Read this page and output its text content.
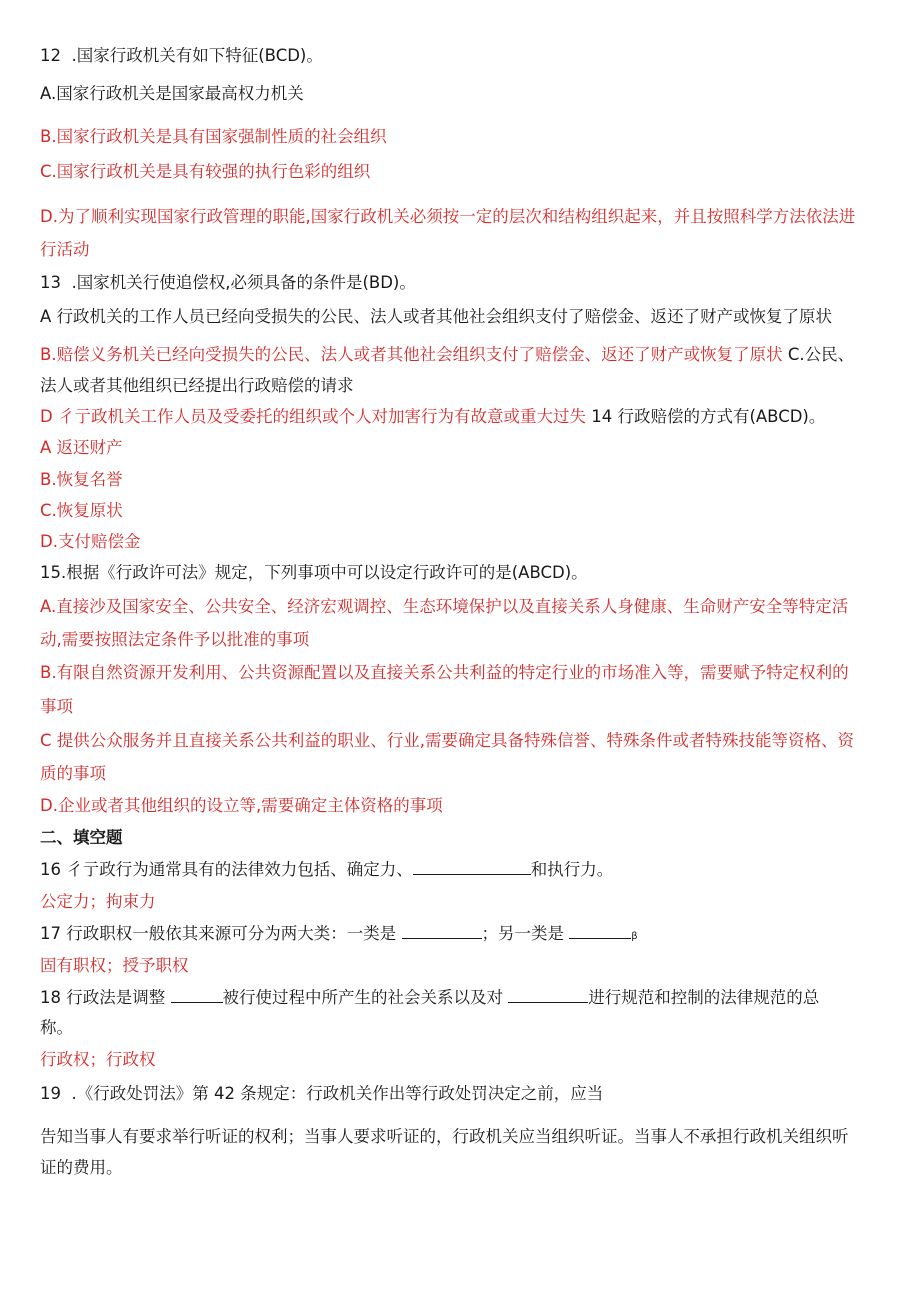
12  .国家行政机关有如下特征(BCD)。
A.国家行政机关是国家最高权力机关
B.国家行政机关是具有国家强制性质的社会组织
C.国家行政机关是具有较强的执行色彩的组织
D.为了顺利实现国家行政管理的职能,国家行政机关必须按一定的层次和结构组织起来，并且按照科学方法依法进
行活动
13  .国家机关行使追偿权,必须具备的条件是(BD)。
A 行政机关的工作人员已经向受损失的公民、法人或者其他社会组织支付了赔偿金、返还了财产或恢复了原状
B.赔偿义务机关已经向受损失的公民、法人或者其他社会组织支付了赔偿金、返还了财产或恢复了原状 C.公民、
法人或者其他组织已经提出行政赔偿的请求
D 彳亍政机关工作人员及受委托的组织或个人对加害行为有故意或重大过失 14 行政赔偿的方式有(ABCD)。
A 返还财产
B.恢复名誉
C.恢复原状
D.支付赔偿金
15.根据《行政许可法》规定，下列事项中可以设定行政许可的是(ABCD)。
A.直接沙及国家安全、公共安全、经济宏观调控、生态环境保护以及直接关系人身健康、生命财产安全等特定活
动,需要按照法定条件予以批准的事项
B.有限自然资源开发利用、公共资源配置以及直接关系公共利益的特定行业的市场准入等，需要赋予特定权利的
事项
C 提供公众服务并且直接关系公共利益的职业、行业,需要确定具备特殊信誉、特殊条件或者特殊技能等资格、资
质的事项
D.企业或者其他组织的设立等,需要确定主体资格的事项
二、填空题
16 彳亍政行为通常具有的法律效力包括、确定力、	和执行力。
公定力；拘束力
17 行政职权一般依其来源可分为两大类：一类是	；另一类是	β
固有职权；授予职权
18 行政法是调整	被行使过程中所产生的社会关系以及对	进行规范和控制的法律规范的总
称。
行政权；行政权
19  .《行政处罚法》第 42 条规定：行政机关作出等行政处罚决定之前，应当
告知当事人有要求举行听证的权利；当事人要求听证的，行政机关应当组织听证。当事人不承担行政机关组织听
证的费用。
